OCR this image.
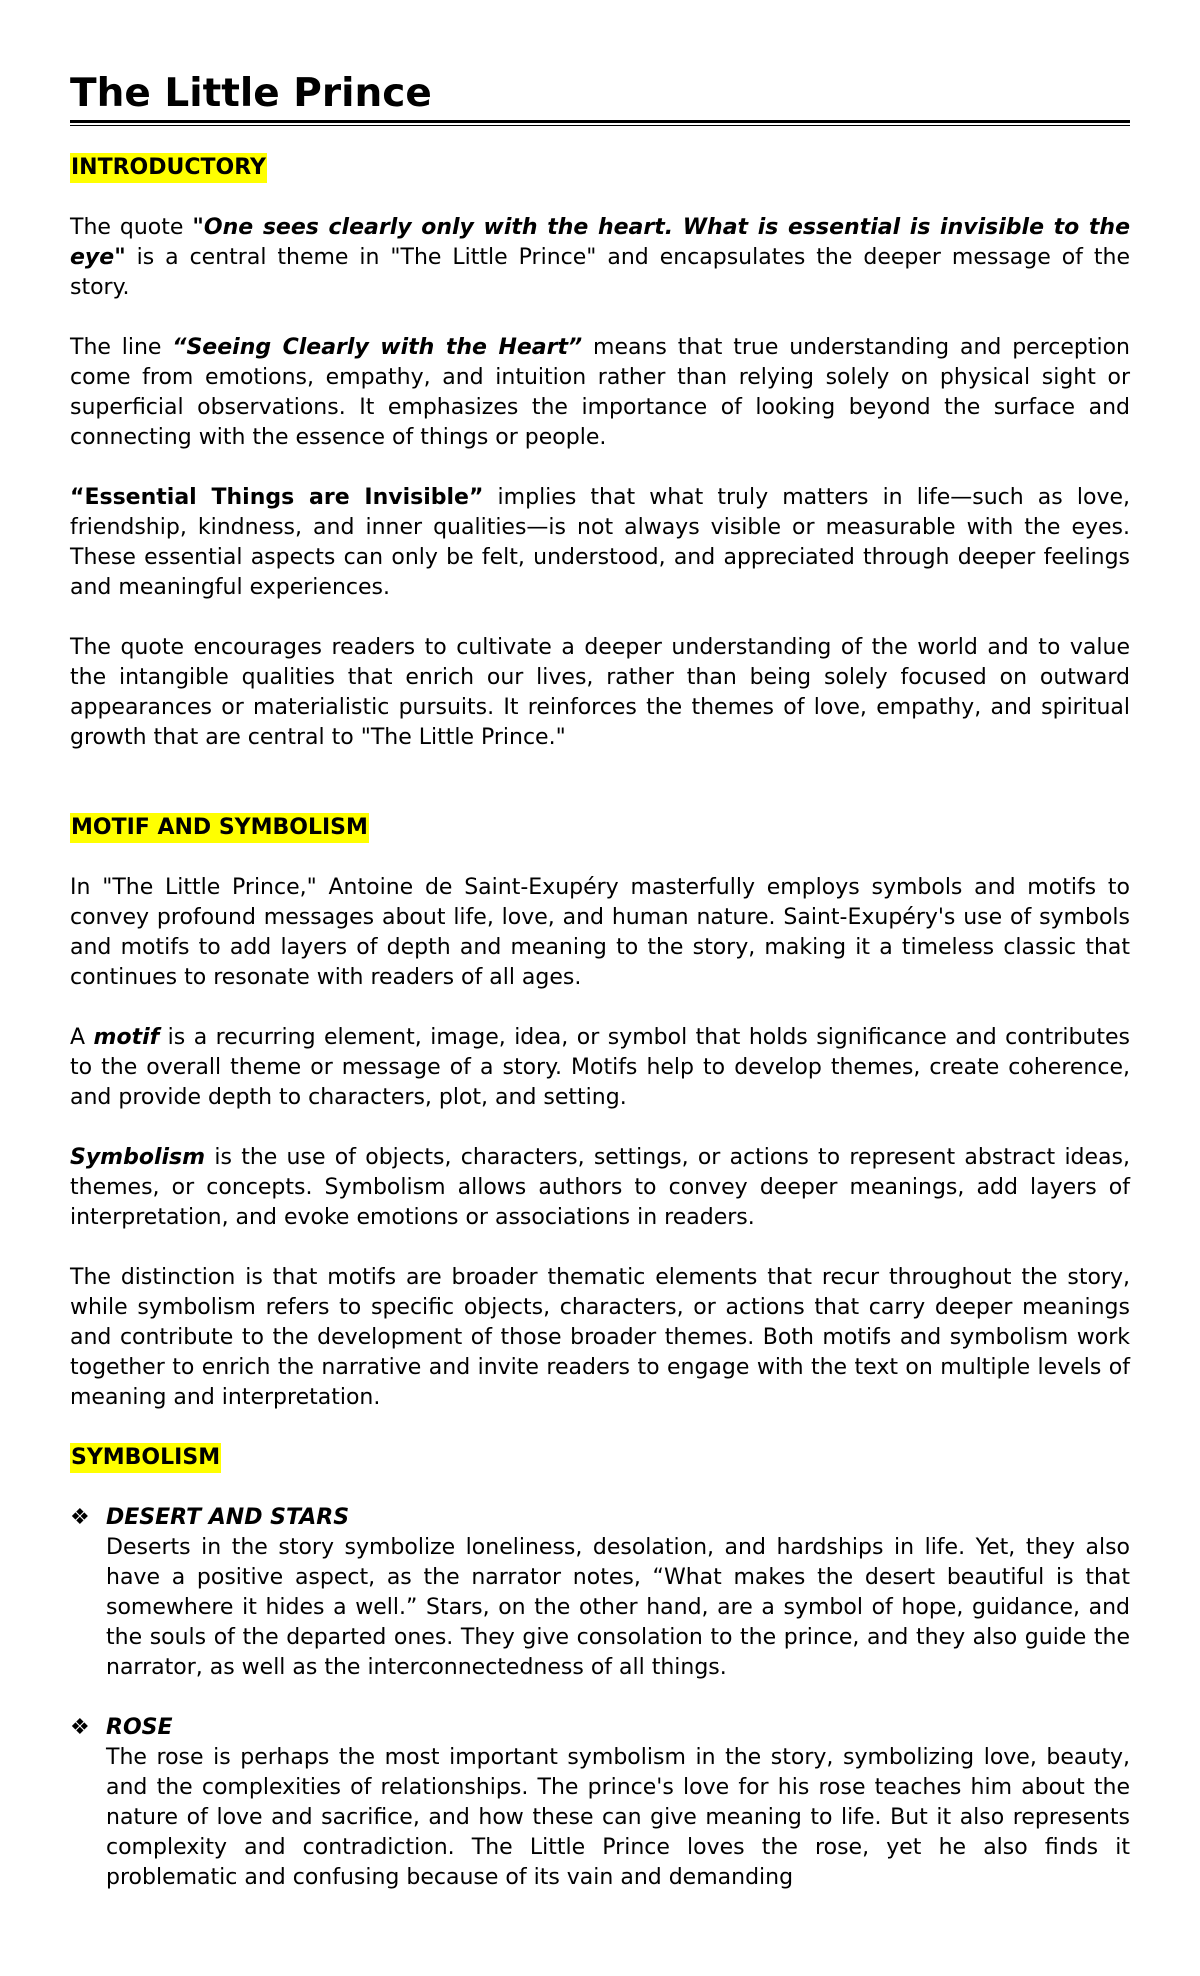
The Little Prince
INTRODUCTORY

The quote "One sees clearly only with the heart. What is essential is invisible to the eye" is a central theme in "The Little Prince" and encapsulates the deeper message of the story.

The line “Seeing Clearly with the Heart” means that true understanding and perception come from emotions, empathy, and intuition rather than relying solely on physical sight or superficial observations. It emphasizes the importance of looking beyond the surface and connecting with the essence of things or people.

“Essential Things are Invisible” implies that what truly matters in life—such as love, friendship, kindness, and inner qualities—is not always visible or measurable with the eyes. These essential aspects can only be felt, understood, and appreciated through deeper feelings and meaningful experiences.

The quote encourages readers to cultivate a deeper understanding of the world and to value the intangible qualities that enrich our lives, rather than being solely focused on outward appearances or materialistic pursuits. It reinforces the themes of love, empathy, and spiritual growth that are central to "The Little Prince."

MOTIF AND SYMBOLISM

In "The Little Prince," Antoine de Saint-Exupéry masterfully employs symbols and motifs to convey profound messages about life, love, and human nature. Saint-Exupéry's use of symbols and motifs to add layers of depth and meaning to the story, making it a timeless classic that continues to resonate with readers of all ages.

A motif is a recurring element, image, idea, or symbol that holds significance and contributes to the overall theme or message of a story. Motifs help to develop themes, create coherence, and provide depth to characters, plot, and setting.

Symbolism is the use of objects, characters, settings, or actions to represent abstract ideas, themes, or concepts. Symbolism allows authors to convey deeper meanings, add layers of interpretation, and evoke emotions or associations in readers.

The distinction is that motifs are broader thematic elements that recur throughout the story, while symbolism refers to specific objects, characters, or actions that carry deeper meanings and contribute to the development of those broader themes. Both motifs and symbolism work together to enrich the narrative and invite readers to engage with the text on multiple levels of meaning and interpretation.

SYMBOLISM
❖ DESERT AND STARS

Deserts in the story symbolize loneliness, desolation, and hardships in life. Yet, they also have a positive aspect, as the narrator notes, “What makes the desert beautiful is that somewhere it hides a well.” Stars, on the other hand, are a symbol of hope, guidance, and the souls of the departed ones. They give consolation to the prince, and they also guide the narrator, as well as the interconnectedness of all things.

❖ ROSE

The rose is perhaps the most important symbolism in the story, symbolizing love, beauty, and the complexities of relationships. The prince's love for his rose teaches him about the nature of love and sacrifice, and how these can give meaning to life. But it also represents complexity and contradiction. The Little Prince loves the rose, yet he also finds it problematic and confusing because of its vain and demanding
